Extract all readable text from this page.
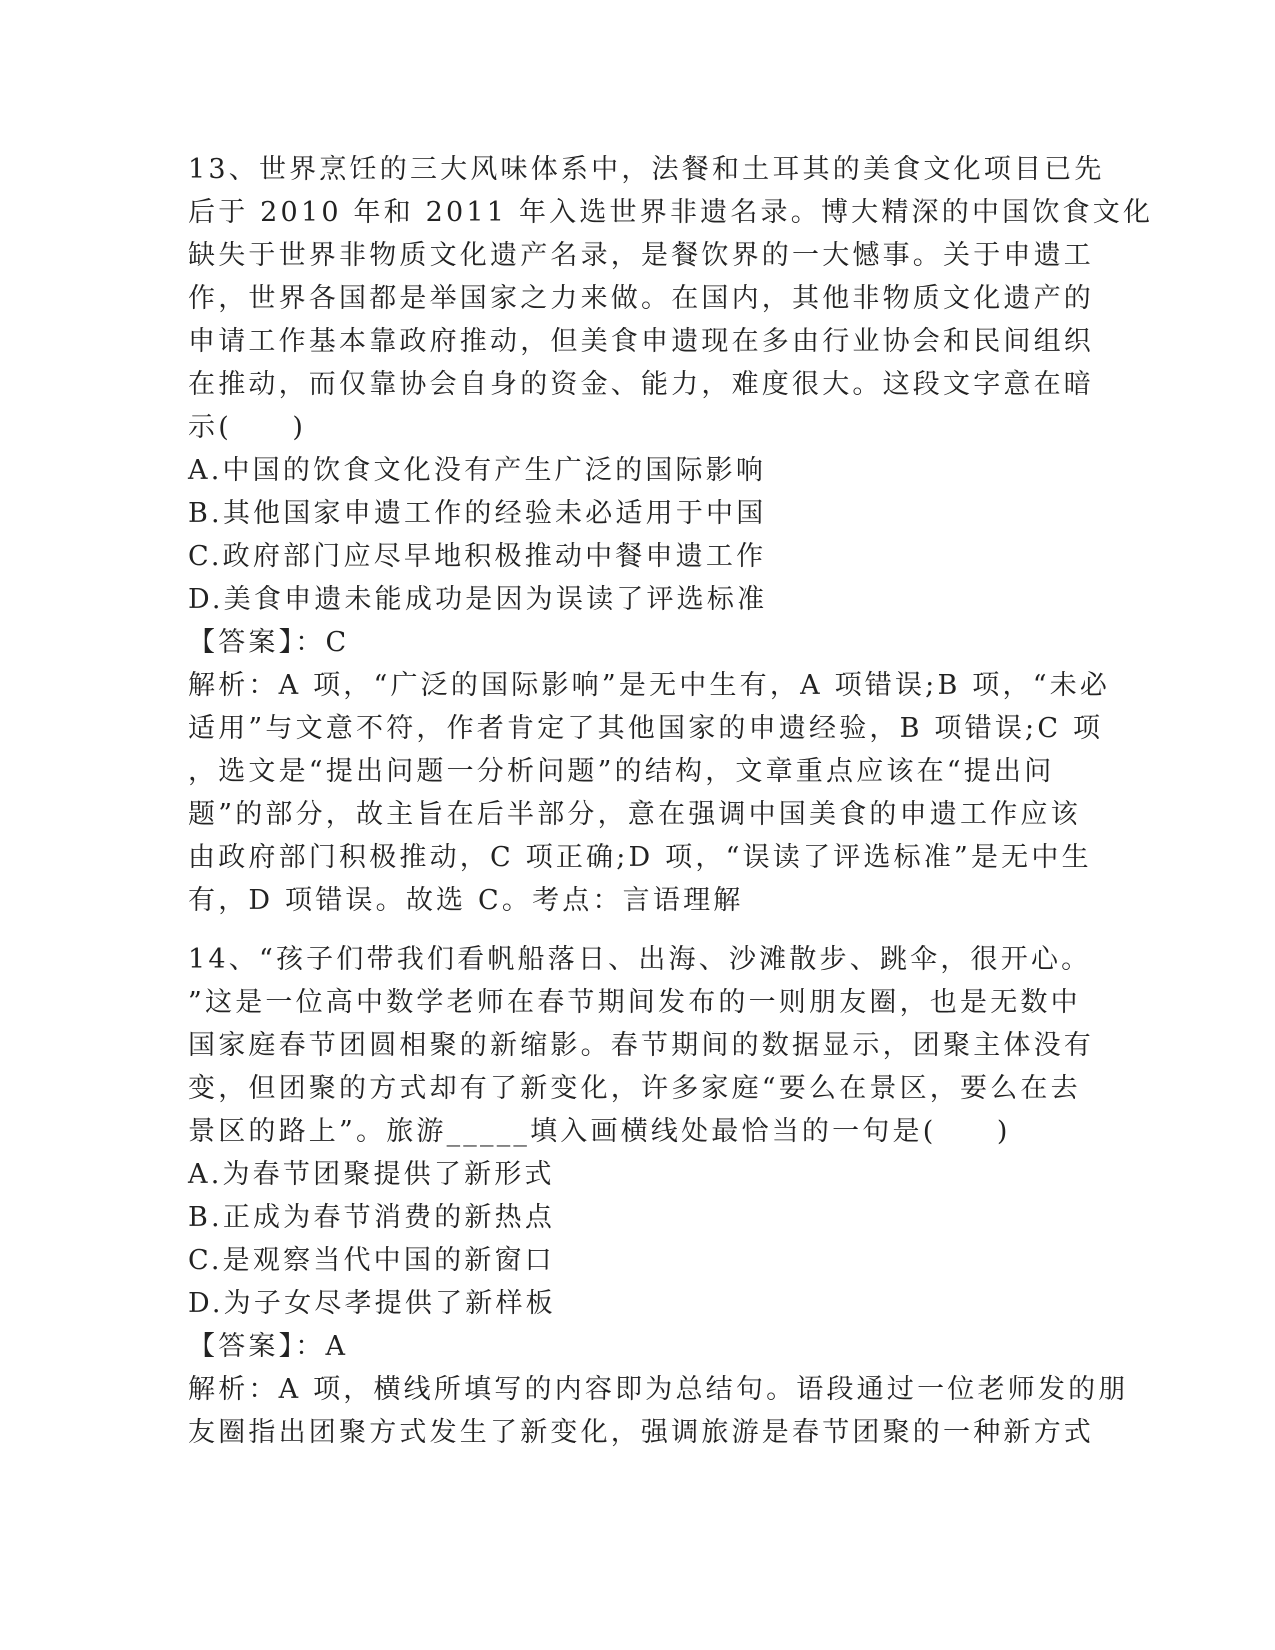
13、世界烹饪的三大风味体系中，法餐和土耳其的美食文化项目已先

后于 2010 年和 2011 年入选世界非遗名录。博大精深的中国饮食文化

缺失于世界非物质文化遗产名录，是餐饮界的一大憾事。关于申遗工

作，世界各国都是举国家之力来做。在国内，其他非物质文化遗产的

申请工作基本靠政府推动，但美食申遗现在多由行业协会和民间组织

在推动，而仅靠协会自身的资金、能力，难度很大。这段文字意在暗

示(　　)

A.中国的饮食文化没有产生广泛的国际影响

B.其他国家申遗工作的经验未必适用于中国

C.政府部门应尽早地积极推动中餐申遗工作

D.美食申遗未能成功是因为误读了评选标准

【答案】：C

解析：A 项，“广泛的国际影响”是无中生有，A 项错误;B 项，“未必

适用”与文意不符，作者肯定了其他国家的申遗经验，B 项错误;C 项

，选文是“提出问题一分析问题”的结构，文章重点应该在“提出问

题”的部分，故主旨在后半部分，意在强调中国美食的申遗工作应该

由政府部门积极推动，C 项正确;D 项，“误读了评选标准”是无中生

有，D 项错误。故选 C。考点：言语理解

14、“孩子们带我们看帆船落日、出海、沙滩散步、跳伞，很开心。

”这是一位高中数学老师在春节期间发布的一则朋友圈，也是无数中

国家庭春节团圆相聚的新缩影。春节期间的数据显示，团聚主体没有

变，但团聚的方式却有了新变化，许多家庭“要么在景区，要么在去

景区的路上”。旅游_____填入画横线处最恰当的一句是(　　)

A.为春节团聚提供了新形式

B.正成为春节消费的新热点

C.是观察当代中国的新窗口

D.为子女尽孝提供了新样板

【答案】：A

解析：A 项，横线所填写的内容即为总结句。语段通过一位老师发的朋

友圈指出团聚方式发生了新变化，强调旅游是春节团聚的一种新方式
